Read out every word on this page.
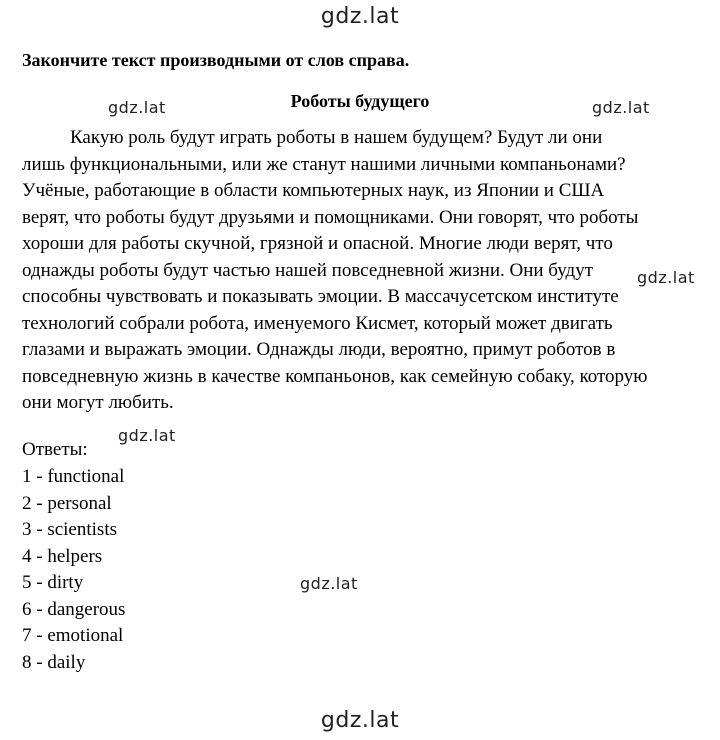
gdz.lat
gdz.lat	gdz.lat
gdz.lat
gdz.lat
gdz.lat
gdz.lat
Закончите текст производными от слов справа.
Роботы будущего
Какую роль будут играть роботы в нашем будущем? Будут ли они
лишь функциональными, или же станут нашими личными компаньонами?
Учёные, работающие в области компьютерных наук, из Японии и США
верят, что роботы будут друзьями и помощниками. Они говорят, что роботы
хороши для работы скучной, грязной и опасной. Многие люди верят, что
однажды роботы будут частью нашей повседневной жизни. Они будут
способны чувствовать и показывать эмоции. В массачусетском институте
технологий собрали робота, именуемого Кисмет, который может двигать
глазами и выражать эмоции. Однажды люди, вероятно, примут роботов в
повседневную жизнь в качестве компаньонов, как семейную собаку, которую
они могут любить.
Ответы:
1 - functional
2 - personal
3 - scientists
4 - helpers
5 - dirty
6 - dangerous
7 - emotional
8 - daily
